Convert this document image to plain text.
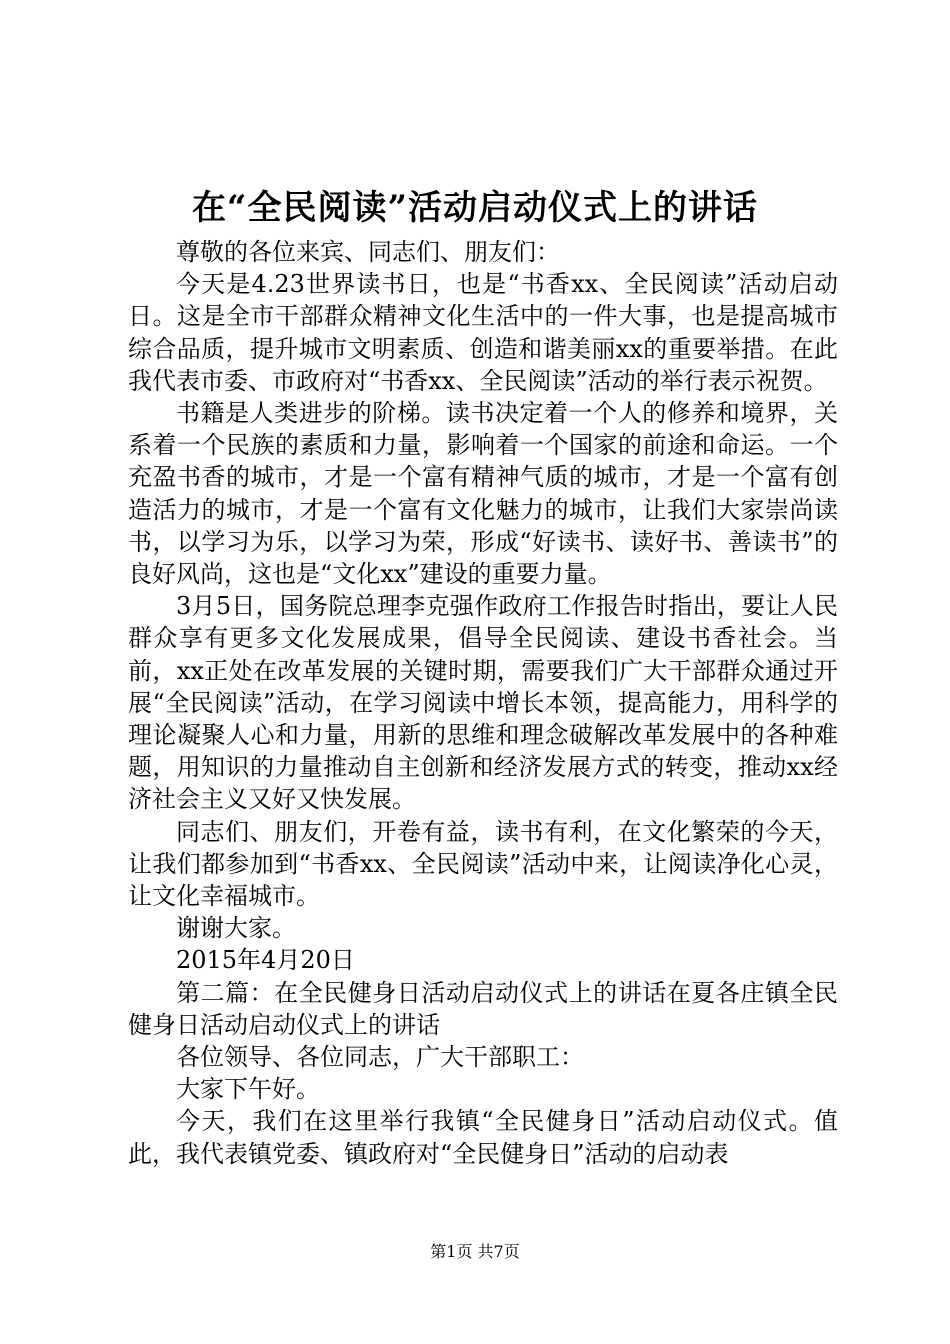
在“全民阅读”活动启动仪式上的讲话

尊敬的各位来宾、同志们、朋友们：

今天是4.23世界读书日，也是“书香xx、全民阅读”活动启动日。这是全市干部群众精神文化生活中的一件大事，也是提高城市综合品质，提升城市文明素质、创造和谐美丽xx的重要举措。在此我代表市委、市政府对“书香xx、全民阅读”活动的举行表示祝贺。

书籍是人类进步的阶梯。读书决定着一个人的修养和境界，关系着一个民族的素质和力量，影响着一个国家的前途和命运。一个充盈书香的城市，才是一个富有精神气质的城市，才是一个富有创造活力的城市，才是一个富有文化魅力的城市，让我们大家崇尚读书，以学习为乐，以学习为荣，形成“好读书、读好书、善读书”的良好风尚，这也是“文化xx”建设的重要力量。

3月5日，国务院总理李克强作政府工作报告时指出，要让人民群众享有更多文化发展成果，倡导全民阅读、建设书香社会。当前，xx正处在改革发展的关键时期，需要我们广大干部群众通过开展“全民阅读”活动，在学习阅读中增长本领，提高能力，用科学的理论凝聚人心和力量，用新的思维和理念破解改革发展中的各种难题，用知识的力量推动自主创新和经济发展方式的转变，推动xx经济社会主义又好又快发展。

同志们、朋友们，开卷有益，读书有利，在文化繁荣的今天，让我们都参加到“书香xx、全民阅读”活动中来，让阅读净化心灵，让文化幸福城市。

谢谢大家。

2015年4月20日

第二篇：在全民健身日活动启动仪式上的讲话在夏各庄镇全民健身日活动启动仪式上的讲话

各位领导、各位同志，广大干部职工：

大家下午好。

今天，我们在这里举行我镇“全民健身日”活动启动仪式。值此，我代表镇党委、镇政府对“全民健身日”活动的启动表

第1页 共7页
